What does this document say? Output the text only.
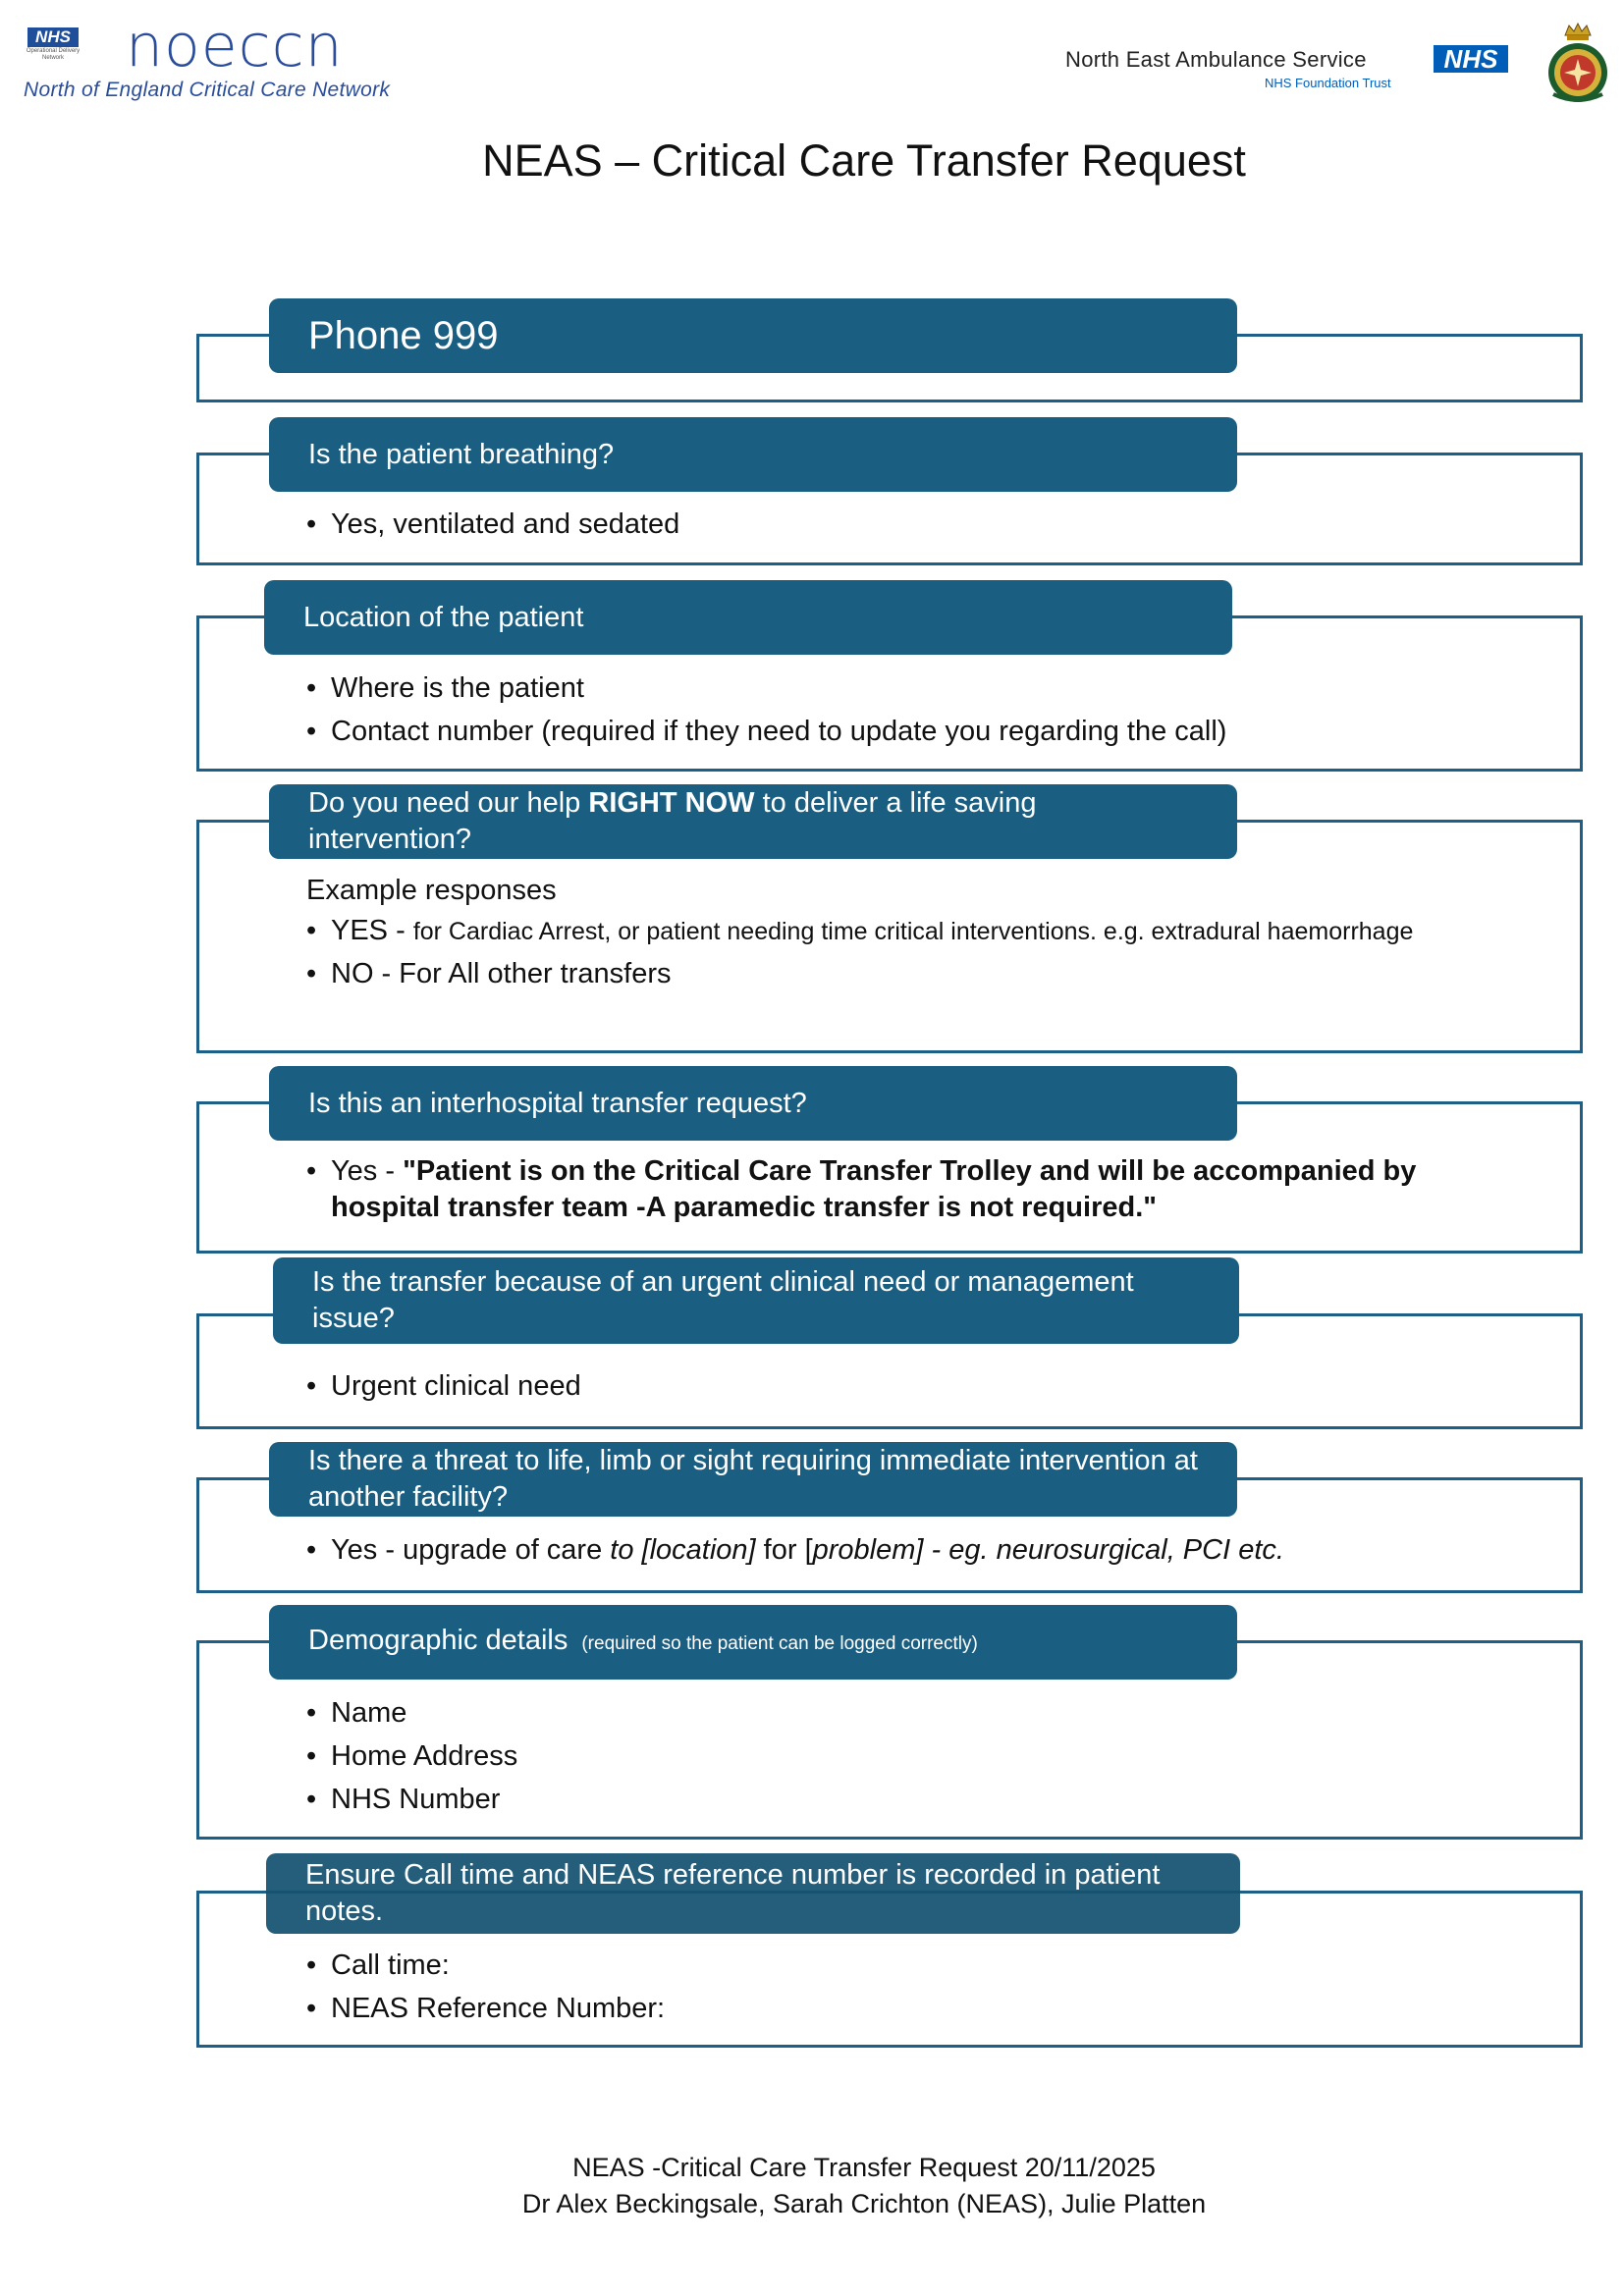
NHS
Operational Delivery Network	noeccn
North of England Critical Care Network
North East Ambulance Service	NHS
NHS Foundation Trust
NEAS – Critical Care Transfer Request
Phone 999
Is the patient breathing?
• Yes, ventilated and sedated
Location of the patient
• Where is the patient
• Contact number (required if they need to update you regarding the call)
Do you need our help RIGHT NOW to deliver a life saving intervention?
Example responses
• YES - for Cardiac Arrest, or patient needing time critical interventions. e.g. extradural haemorrhage
• NO - For All other transfers
Is this an interhospital transfer request?
• Yes - "Patient is on the Critical Care Transfer Trolley and will be accompanied by hospital transfer team -A paramedic transfer is not required."
Is the transfer because of an urgent clinical need or management issue?
• Urgent clinical need
Is there a threat to life, limb or sight requiring immediate intervention at another facility?
• Yes - upgrade of care to [location] for [problem] - eg. neurosurgical, PCI etc.
Demographic details (required so the patient can be logged correctly)
• Name
• Home Address
• NHS Number
Ensure Call time and NEAS reference number is recorded in patient notes.
• Call time:
• NEAS Reference Number:
NEAS -Critical Care Transfer Request 20/11/2025
Dr Alex Beckingsale, Sarah Crichton (NEAS), Julie Platten
